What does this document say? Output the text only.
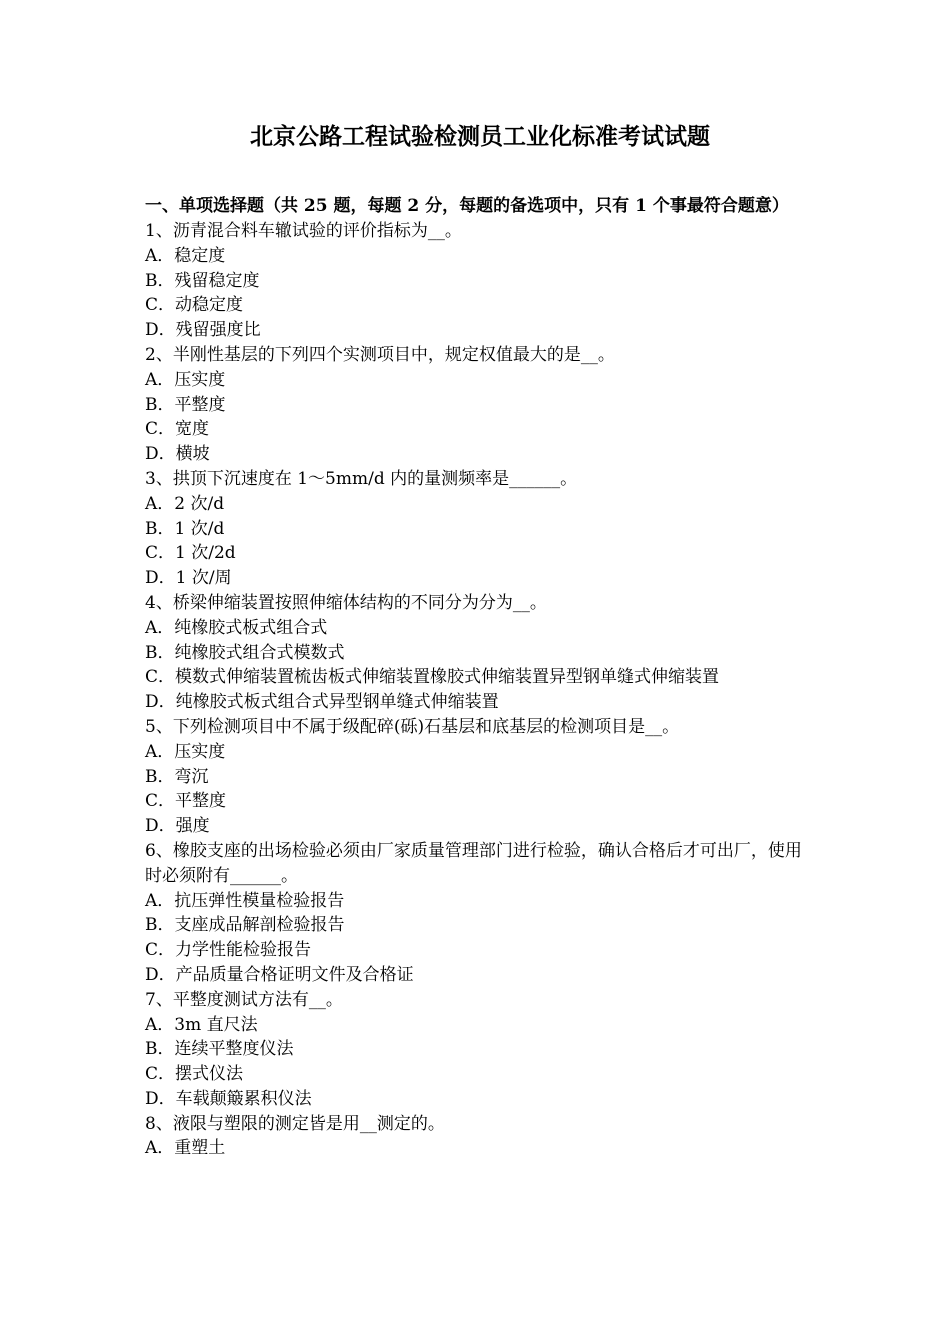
北京公路工程试验检测员工业化标准考试试题

一、单项选择题（共 25 题，每题 2 分，每题的备选项中，只有 1 个事最符合题意）

1、沥青混合料车辙试验的评价指标为__。

A．稳定度

B．残留稳定度

C．动稳定度

D．残留强度比

2、半刚性基层的下列四个实测项目中，规定权值最大的是__。

A．压实度

B．平整度

C．宽度

D．横坡

3、拱顶下沉速度在 1～5mm/d 内的量测频率是______。

A．2 次/d

B．1 次/d

C．1 次/2d

D．1 次/周

4、桥梁伸缩装置按照伸缩体结构的不同分为分为__。

A．纯橡胶式板式组合式

B．纯橡胶式组合式模数式

C．模数式伸缩装置梳齿板式伸缩装置橡胶式伸缩装置异型钢单缝式伸缩装置

D．纯橡胶式板式组合式异型钢单缝式伸缩装置

5、下列检测项目中不属于级配碎(砾)石基层和底基层的检测项目是__。

A．压实度

B．弯沉

C．平整度

D．强度

6、橡胶支座的出场检验必须由厂家质量管理部门进行检验，确认合格后才可出厂，使用时必须附有______。

A．抗压弹性模量检验报告

B．支座成品解剖检验报告

C．力学性能检验报告

D．产品质量合格证明文件及合格证

7、平整度测试方法有__。

A．3m 直尺法

B．连续平整度仪法

C．摆式仪法

D．车载颠簸累积仪法

8、液限与塑限的测定皆是用__测定的。

A．重塑土
